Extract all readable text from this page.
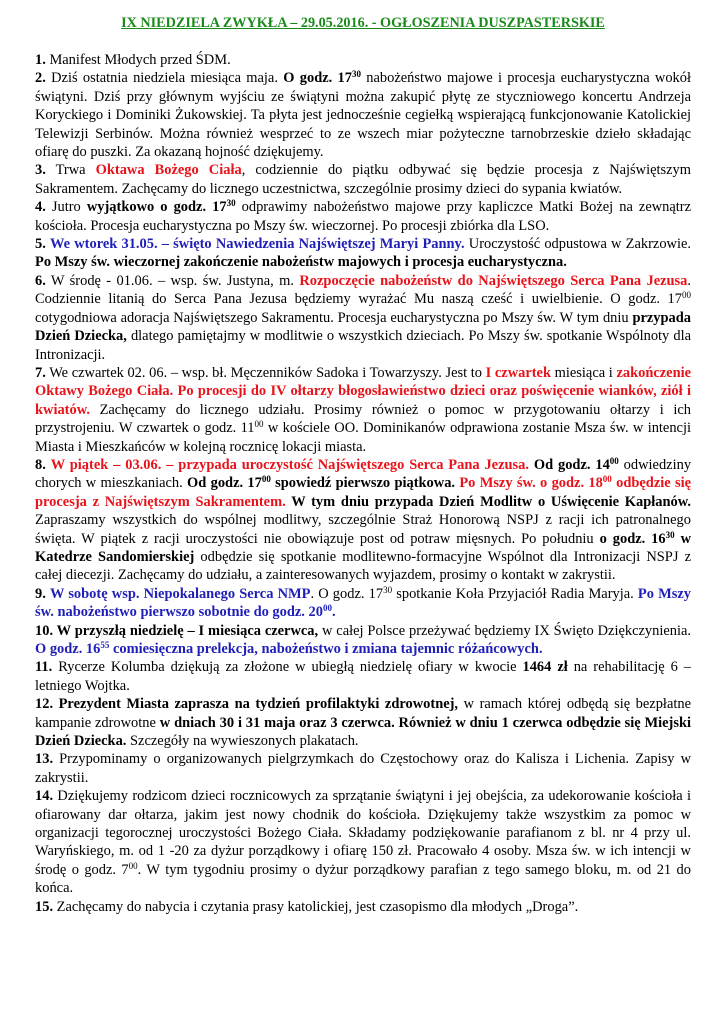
IX NIEDZIELA ZWYKŁA – 29.05.2016. - OGŁOSZENIA DUSZPASTERSKIE

1. Manifest Młodych przed ŚDM.

2. Dziś ostatnia niedziela miesiąca maja. O godz. $17^{30}$ nabożeństwo majowe i procesja eucharystyczna wokół świątyni. Dziś przy głównym wyjściu ze świątyni można zakupić płytę ze styczniowego koncertu Andrzeja Koryckiego i Dominiki Żukowskiej. Ta płyta jest jednocześnie cegiełką wspierającą funkcjonowanie Katolickiej Telewizji Serbinów. Można również wesprzeć to ze wszech miar pożyteczne tarnobrzeskie dzieło składając ofiarę do puszki. Za okazaną hojność dziękujemy.

3. Trwa Oktawa Bożego Ciała, codziennie do piątku odbywać się będzie procesja z Najświętszym Sakramentem. Zachęcamy do licznego uczestnictwa, szczególnie prosimy dzieci do sypania kwiatów.

4. Jutro wyjątkowo o godz. $17^{30}$ odprawimy nabożeństwo majowe przy kapliczce Matki Bożej na zewnątrz kościoła. Procesja eucharystyczna po Mszy św. wieczornej. Po procesji zbiórka dla LSO.

5. We wtorek 31.05. – święto Nawiedzenia Najświętszej Maryi Panny. Uroczystość odpustowa w Zakrzowie. Po Mszy św. wieczornej zakończenie nabożeństw majowych i procesja eucharystyczna.

6. W środę - 01.06. – wsp. św. Justyna, m. Rozpoczęcie nabożeństw do Najświętszego Serca Pana Jezusa. Codziennie litanią do Serca Pana Jezusa będziemy wyrażać Mu naszą cześć i uwielbienie. O godz. $17^{00}$ cotygodniowa adoracja Najświętszego Sakramentu. Procesja eucharystyczna po Mszy św. W tym dniu przypada Dzień Dziecka, dlatego pamiętajmy w modlitwie o wszystkich dzieciach. Po Mszy św. spotkanie Wspólnoty dla Intronizacji.

7. We czwartek 02. 06. – wsp. bł. Męczenników Sadoka i Towarzyszy. Jest to I czwartek miesiąca i zakończenie Oktawy Bożego Ciała. Po procesji do IV ołtarzy błogosławieństwo dzieci oraz poświęcenie wianków, ziół i kwiatów. Zachęcamy do licznego udziału. Prosimy również o pomoc w przygotowaniu ołtarzy i ich przystrojeniu. W czwartek o godz. $11^{00}$ w kościele OO. Dominikanów odprawiona zostanie Msza św. w intencji Miasta i Mieszkańców w kolejną rocznicę lokacji miasta.

8. W piątek – 03.06. – przypada uroczystość Najświętszego Serca Pana Jezusa. Od godz. $14^{00}$ odwiedziny chorych w mieszkaniach. Od godz. $17^{00}$ spowiedź pierwszo piątkowa. Po Mszy św. o godz. $18^{00}$ odbędzie się procesja z Najświętszym Sakramentem. W tym dniu przypada Dzień Modlitw o Uświęcenie Kapłanów. Zapraszamy wszystkich do wspólnej modlitwy, szczególnie Straż Honorową NSPJ z racji ich patronalnego święta. W piątek z racji uroczystości nie obowiązuje post od potraw mięsnych. Po południu o godz. $16^{30}$ w Katedrze Sandomierskiej odbędzie się spotkanie modlitewno-formacyjne Wspólnot dla Intronizacji NSPJ z całej diecezji. Zachęcamy do udziału, a zainteresowanych wyjazdem, prosimy o kontakt w zakrystii.

9. W sobotę wsp. Niepokalanego Serca NMP. O godz. $17^{30}$ spotkanie Koła Przyjaciół Radia Maryja. Po Mszy św. nabożeństwo pierwszo sobotnie do godz. $20^{00}$.

10. W przyszłą niedzielę – I miesiąca czerwca, w całej Polsce przeżywać będziemy IX Święto Dziękczynienia. O godz. $16^{55}$ comiesięczna prelekcja, nabożeństwo i zmiana tajemnic różańcowych.

11. Rycerze Kolumba dziękują za złożone w ubiegłą niedzielę ofiary w kwocie 1464 zł na rehabilitację 6 – letniego Wojtka.

12. Prezydent Miasta zaprasza na tydzień profilaktyki zdrowotnej, w ramach której odbędą się bezpłatne kampanie zdrowotne w dniach 30 i 31 maja oraz 3 czerwca. Również w dniu 1 czerwca odbędzie się Miejski Dzień Dziecka. Szczegóły na wywieszonych plakatach.

13. Przypominamy o organizowanych pielgrzymkach do Częstochowy oraz do Kalisza i Lichenia. Zapisy w zakrystii.

14. Dziękujemy rodzicom dzieci rocznicowych za sprzątanie świątyni i jej obejścia, za udekorowanie kościoła i ofiarowany dar ołtarza, jakim jest nowy chodnik do kościoła. Dziękujemy także wszystkim za pomoc w organizacji tegorocznej uroczystości Bożego Ciała. Składamy podziękowanie parafianom z bl. nr 4 przy ul. Waryńskiego, m. od 1 -20 za dyżur porządkowy i ofiarę 150 zł. Pracowało 4 osoby. Msza św. w ich intencji w środę o godz. $7^{00}$. W tym tygodniu prosimy o dyżur porządkowy parafian z tego samego bloku, m. od 21 do końca.

15. Zachęcamy do nabycia i czytania prasy katolickiej, jest czasopismo dla młodych „Droga”.
